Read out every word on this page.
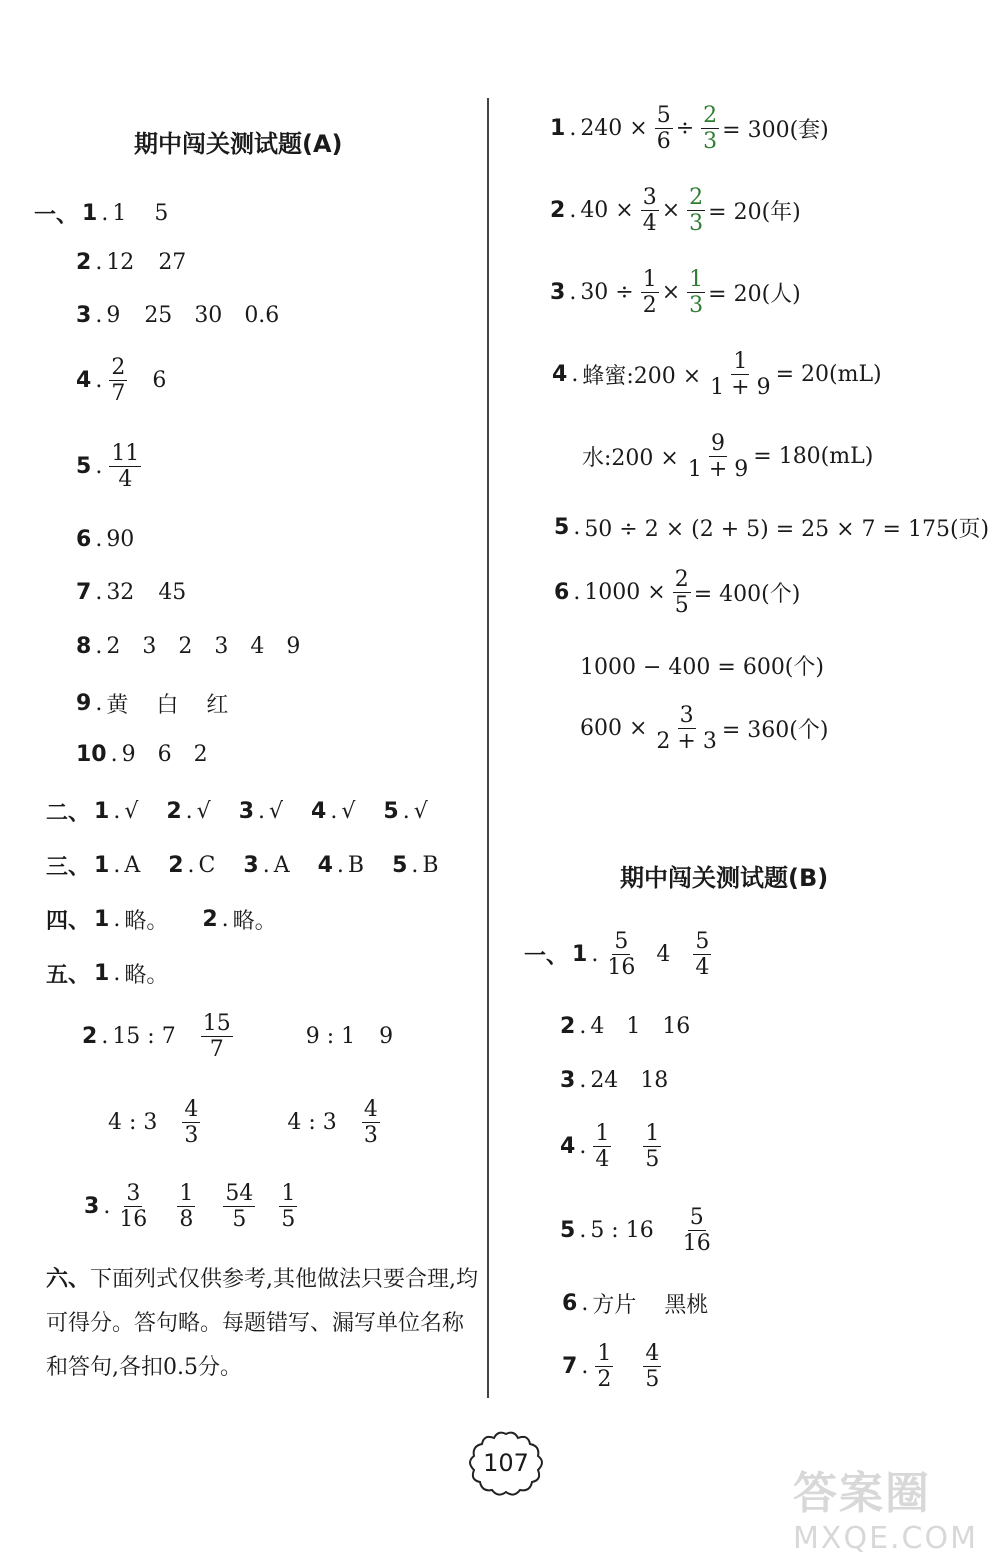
期中闯关测试题(A)
一、 1 . 1 5
2 . 12 27
3 . 9 25 30 0.6
4 . $\frac{2}{7} 6$
5 . $\frac{11}{4}$
6 . 90
7 . 32 45
8 . 2 3 2 3 4 9
9 . 黄 白 红
10 . 9 6 2
二、 1 . √ 2 . √ 3 . √ 4 . √ 5 . √
三、 1 . A 2 . C 3 . A 4 . B 5 . B
四、 1 . 略。 2 . 略。
五、 1 . 略。
2 . 15 : $7 \frac{15}{7}$	9 : 1 9
4 : $3 \frac{4}{3}$	4 : $3 \frac{4}{3}$
3 . $\frac{3}{16} \frac{1}{8} \frac{54}{5} \frac{1}{5}$
六、下面列式仅供参考,其他做法只要合理,均可得分。答句略。每题错写、漏写单位名称和答句,各扣0.5分。
1 . $240 \times \frac{5}{6} \div \frac{2}{3} = 300$(套)
2 . $40 \times \frac{3}{4} \times \frac{2}{3} = 20$(年)
3 . $30 \div \frac{1}{2} \times \frac{1}{3} = 20$(人)
4 . 蜂蜜:200 × $\frac{1}{1 + 9} = 20(mL)$
水:200 × $\frac{9}{1 + 9} = 180(mL)$
5 . 50 ÷ 2 × (2 + 5) = 25 × 7 = 175(页)
6 . $1000 \times \frac{2}{5} = 400$(个)
1000 − 400 = 600(个)
$600 \times \frac{3}{2 + 3} = 360$(个)
期中闯关测试题(B)
一、 1 . $\frac{5}{16} 4 \frac{5}{4}$
2 . 4 1 16
3 . 24 18
4 . $\frac{1}{4} \frac{1}{5}$
5 . 5 : $16 \frac{5}{16}$
6 . 方片 黑桃
7 . $\frac{1}{2} \frac{4}{5}$
107
答案圈
MXQE.COM
